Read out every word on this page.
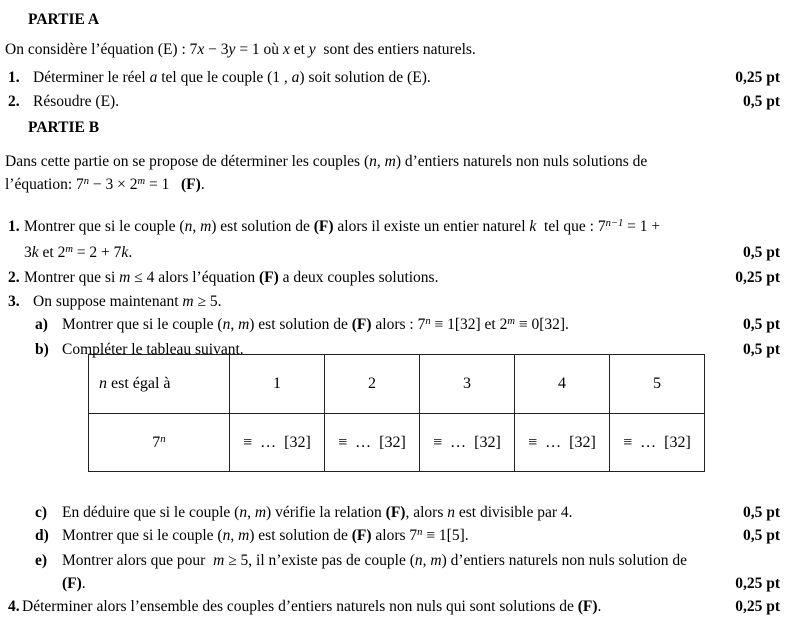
PARTIE A
On considère l’équation (E) : 7x − 3y = 1 où x et y  sont des entiers naturels.
1. Déterminer le réel a tel que le couple (1 , a) soit solution de (E).	0,25 pt
2. Résoudre (E).	0,5 pt
PARTIE B
Dans cette partie on se propose de déterminer les couples (n, m) d’entiers naturels non nuls solutions de
l’équation: $7^n - 3 \times 2^m = 1$   (F).
1. Montrer que si le couple (n, m) est solution de (F) alors il existe un entier naturel k  tel que : $7^{n-1} = 1$ +
3k et $2^m = 2 + 7k$.	0,5 pt
2. Montrer que si m ≤ 4 alors l’équation (F) a deux couples solutions.	0,25 pt
3. On suppose maintenant m ≥ 5.
a) Montrer que si le couple (n, m) est solution de (F) alors : $7^n \equiv 1[32]$ et $2^m \equiv 0[32]$.	0,5 pt
b) Compléter le tableau suivant.	0,5 pt
n est égal à	1	2	3	4	5
$7^n$	≡  …  [32]	≡  …  [32]	≡  …  [32]	≡  …  [32]	≡  …  [32]
c) En déduire que si le couple (n, m) vérifie la relation (F), alors n est divisible par 4.	0,5 pt
d) Montrer que si le couple (n, m) est solution de (F) alors $7^n \equiv 1[5]$.	0,5 pt
e) Montrer alors que pour  m ≥ 5, il n’existe pas de couple (n, m) d’entiers naturels non nuls solution de
(F).	0,25 pt
4. Déterminer alors l’ensemble des couples d’entiers naturels non nuls qui sont solutions de (F).	0,25 pt
